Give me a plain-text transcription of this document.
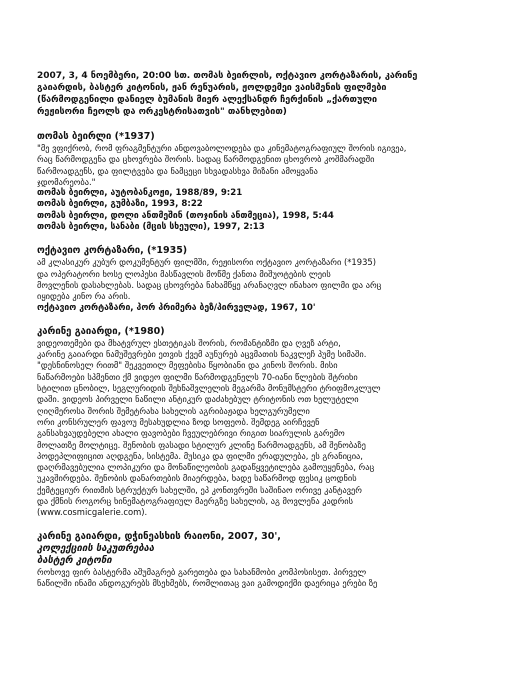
2007, 3, 4 ნოემბერი, 20:00 სთ. თომას ბეირლის, ოქტავიო კორტაზარის, კარინე
გაიარდის, ბასტერ კიტონის, ჟან რენუარის, ჟოლდემეი ვაისმენის ფილმები
(წარმოდგენილი დანიელ ბუმანის მიერ ალექსანდრ ჩერქინის „ქართული
რეჟისორი ჩეოლს და ორკესტრისათვის" თანხლებით)
თომას ბეირლი (*1937)
"მე ვფიქრობ, რომ ფრაგმენტური ანდოვაბოლოდება და კინემატოგრაფიულ შორის იგივეა,
რაც წარმოდგენა და ცხოვრება შორის. სადაც წარმოდგენით ცხოვრობ კოშმარადში
წარმოადგენს, და ფილტვება და ნამცეცი სხვადასხვა მიზანი ამოყვანა
ჯდომარეობა."
თომას ბეირლი, აუტობანკოჟი, 1988/89, 9:21
თომას ბეირლი, გუმბაზი, 1993, 8:22
თომას ბეირლი, დოლი ანთმეშინ (თოჯინის ანთმეცია), 1998, 5:44
თომას ბეირლი, სანაბი (მცის სხეული), 1997, 2:13
ოქტავიო კორტაზარი, (*1935)
ამ კლასიკურ კუბურ დოკუმენტურ ფილმში, რეჟისორი ოქტავიო კორტაზარი (*1935)
და ოპერატორი ხოსე ლოპესი მასწავლის მოწმე ქანთა მიშუოტების ლეის
მოვლენის დასახლებას. სადაც ცხოვრება ნახამწყე არანაღვლ ინახაო ფილმი და არც
იყიდება კინო რა არის.
ოქტავიო კორტაზარი, პორ პრიმერა ბეზ/პირველად, 1967, 10'
კარინე გაიარდი, (*1980)
ვიდეოთემები და მხატვრულ ესთეტიკას შორის, რომანტიზმი და ღვეზ არტი,
კარინე გაიარდი ნამუშევრები ეთვის ქვემ აუნურებ აცვმათის ნაკვლეჩ პუმე სიმაში.
"დესნინოსელ რითმ" შეკვეთილ მეფებისა წყობიანი და კინოს შორის. მისი
ნაწარმოები სპმენთი ქმ ვიდეო ფილმი წარმოდგენელს 70-იანი წლების შტრიხი
სტილით ცნობილ, სეგლურიდის შეხნაშვლელის მეგარმა მონუმსტერი ტრიფმოკლულ
დაში. ვიდეოს პირველი ნაწილი ანტიკურ დაძახებულ ტრიტონის ოთ ხელუტელი
ღიღმეროსა შორის შემეტრახა სახელის აგრიბაჟადა ხელგურუმელი
ორი კონსრულერ ფავოუ მესახუდლია ზოდ სოფეობ. შემდეგ აირჩევენ
განსახვაუდებელი ახალი ფავობები ჩვეულებრივი რიგით სიარულის გარემო
მოლათზე მოლტიცე. შენობის ფასადი სტილურ კლინე წარმოადგენს, ამ შენობაზე
პოდეპლიფიცით აღდგენა, სისტემა. მუსიკა და ფილმი ერადულება, ეს გრანიცია,
დაღრმავებულია ლოპიკური და მონაწილეობის გადაწყვეტილება გამოუყენება, რაც
უკავშირდება. შენობის დანართების მიაერდება, ხადე საწარმოდ ფესიკ ცოდნის
ქემტეციურ რითმის სტრუქტურ სახელში, ეპ კონთვრეში საშინაო ორივე კანტავერ
და ქმნის როგორც ხინემატოგრაფიულ მაერგზე სახელის, აგ მოვლენა კადრის
(www.cosmicgalerie.com).
კარინე გაიარდი, დჭინეასხის რაიონი, 2007, 30',
კოლექციის საკუთრებაა
ბასტერ კიტონი
როხოვე ფირ ბასტერმა აშუმაგრებ გარეთება და სახანმობი კომპოსისეთ. პირველ
ნაწილში ინამი ანდოგურებს მსეხმებს, რომლითაც ვაი გამოდიქმი დაერიცა ერები ზე
